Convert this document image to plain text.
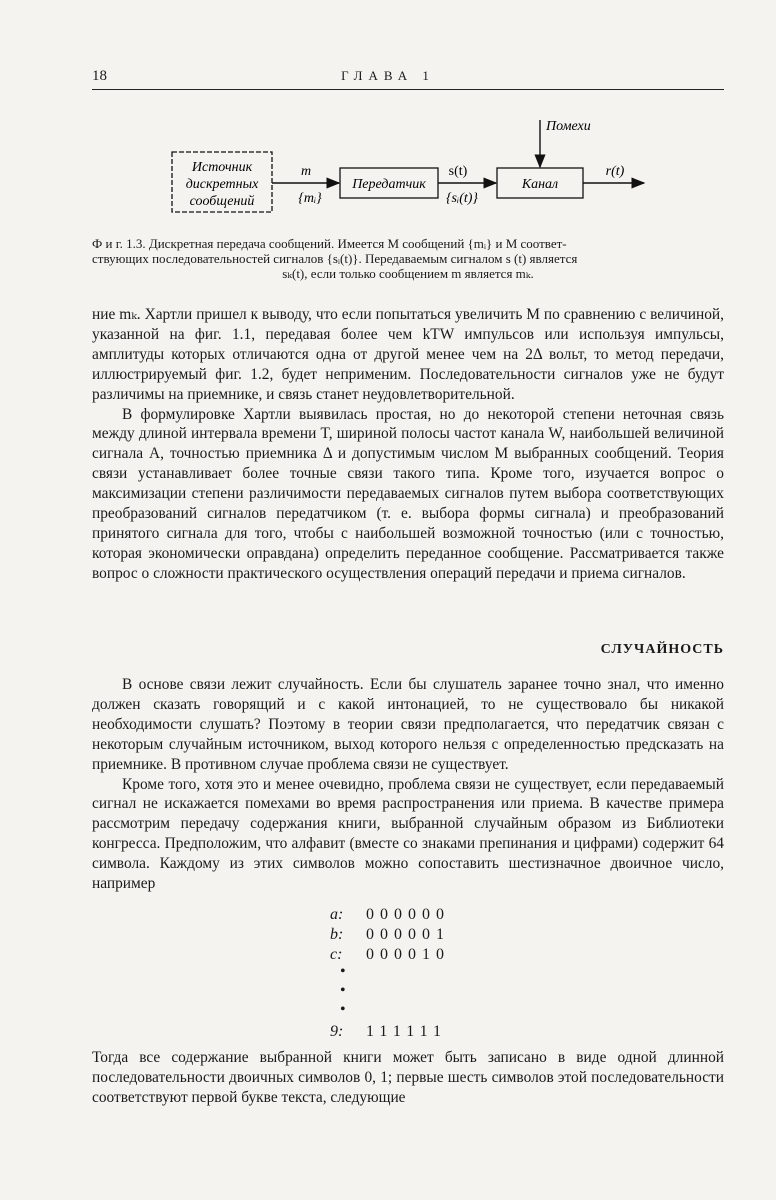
18	ГЛАВА 1
Источник
дискретных
сообщений
m
{mᵢ}
Передатчик
s(t)
{sᵢ(t)}
Канал
Помехи
r(t)
Ф и г. 1.3. Дискретная передача сообщений. Имеется M сообщений {mᵢ} и M соответ-
ствующих последовательностей сигналов {sᵢ(t)}. Передаваемым сигналом s (t) является
sₖ(t), если только сообщением m является mₖ.

ние mₖ. Хартли пришел к выводу, что если попытаться увеличить M по сравнению с величиной, указанной на фиг. 1.1, передавая более чем kTW импульсов или используя импульсы, амплитуды которых отличаются одна от другой менее чем на 2Δ вольт, то метод передачи, иллюстрируемый фиг. 1.2, будет неприменим. Последовательности сигналов уже не будут различимы на приемнике, и связь станет неудовлетворительной.

В формулировке Хартли выявилась простая, но до некоторой степени неточная связь между длиной интервала времени T, шириной полосы частот канала W, наибольшей величиной сигнала A, точностью приемника Δ и допустимым числом M выбранных сообщений. Теория связи устанавливает более точные связи такого типа. Кроме того, изучается вопрос о максимизации степени различимости передаваемых сигналов путем выбора соответствующих преобразований сигналов передатчиком (т. е. выбора формы сигнала) и преобразований принятого сигнала для того, чтобы с наибольшей возможной точностью (или с точностью, которая экономически оправдана) определить переданное сообщение. Рассматривается также вопрос о сложности практического осуществления операций передачи и приема сигналов.

СЛУЧАЙНОСТЬ

В основе связи лежит случайность. Если бы слушатель заранее точно знал, что именно должен сказать говорящий и с какой интонацией, то не существовало бы никакой необходимости слушать? Поэтому в теории связи предполагается, что передатчик связан с некоторым случайным источником, выход которого нельзя с определенностью предсказать на приемнике. В противном случае проблема связи не существует.

Кроме того, хотя это и менее очевидно, проблема связи не существует, если передаваемый сигнал не искажается помехами во время распространения или приема. В качестве примера рассмотрим передачу содержания книги, выбранной случайным образом из Библиотеки конгресса. Предположим, что алфавит (вместе со знаками препинания и цифрами) содержит 64 символа. Каждому из этих символов можно сопоставить шестизначное двоичное число, например

a:	000000
b:	000001
c:	000010
•
•
•
9:	111111

Тогда все содержание выбранной книги может быть записано в виде одной длинной последовательности двоичных символов 0, 1; первые шесть символов этой последовательности соответствуют первой букве текста, следующие
